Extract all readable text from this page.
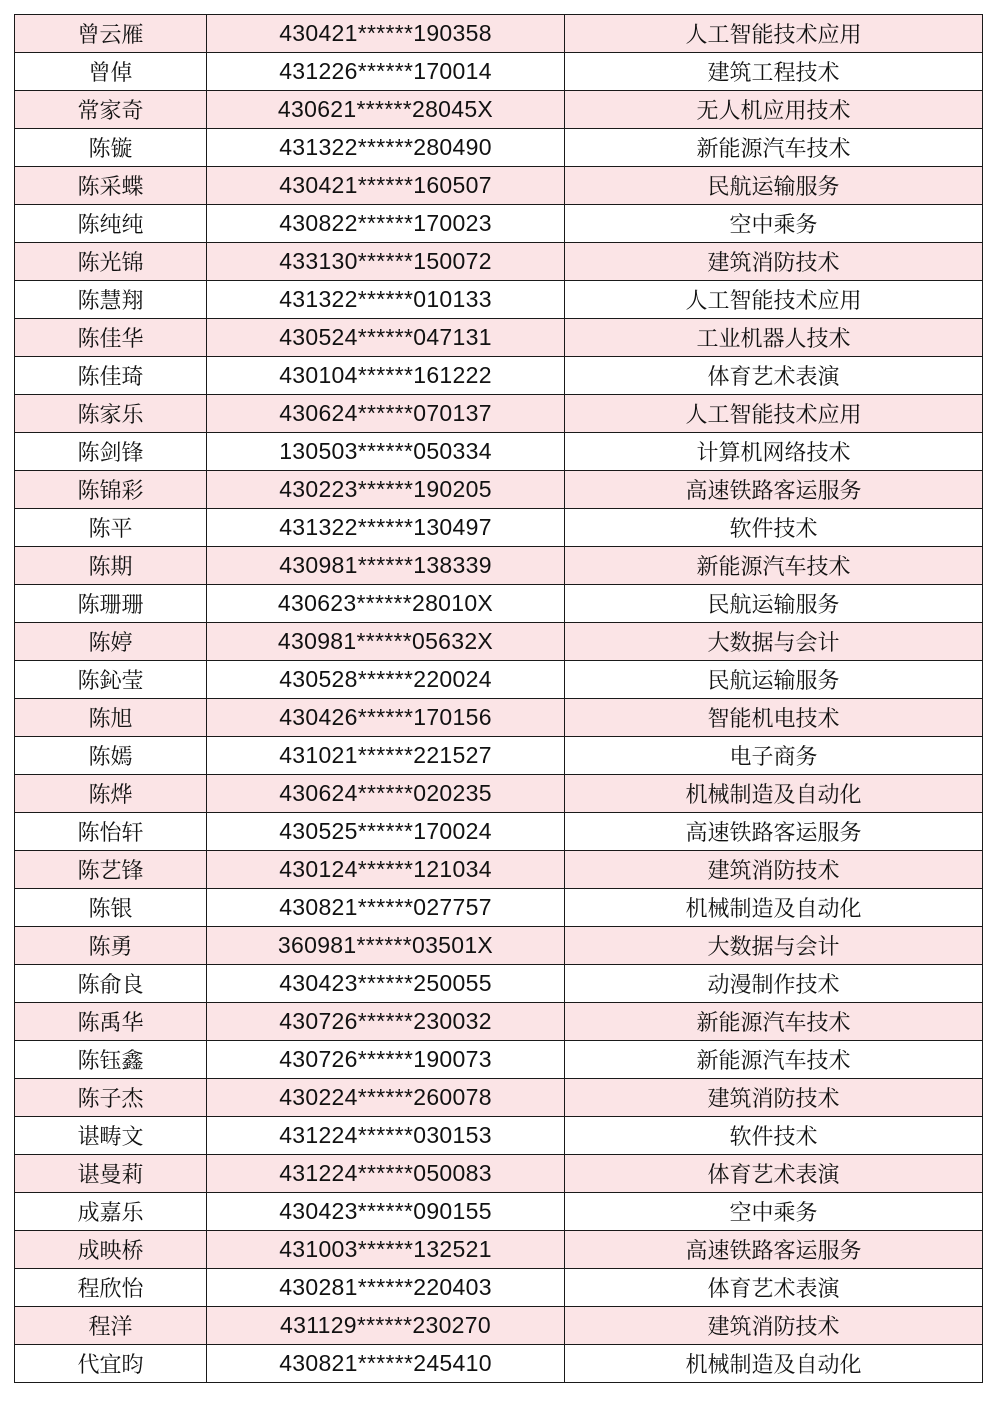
曾云雁	430421******190358	人工智能技术应用
曾倬	431226******170014	建筑工程技术
常家奇	430621******28045X	无人机应用技术
陈镟	431322******280490	新能源汽车技术
陈采蝶	430421******160507	民航运输服务
陈纯纯	430822******170023	空中乘务
陈光锦	433130******150072	建筑消防技术
陈慧翔	431322******010133	人工智能技术应用
陈佳华	430524******047131	工业机器人技术
陈佳琦	430104******161222	体育艺术表演
陈家乐	430624******070137	人工智能技术应用
陈剑锋	130503******050334	计算机网络技术
陈锦彩	430223******190205	高速铁路客运服务
陈平	431322******130497	软件技术
陈期	430981******138339	新能源汽车技术
陈珊珊	430623******28010X	民航运输服务
陈婷	430981******05632X	大数据与会计
陈鈊莹	430528******220024	民航运输服务
陈旭	430426******170156	智能机电技术
陈嫣	431021******221527	电子商务
陈烨	430624******020235	机械制造及自动化
陈怡轩	430525******170024	高速铁路客运服务
陈艺锋	430124******121034	建筑消防技术
陈银	430821******027757	机械制造及自动化
陈勇	360981******03501X	大数据与会计
陈俞良	430423******250055	动漫制作技术
陈禹华	430726******230032	新能源汽车技术
陈钰鑫	430726******190073	新能源汽车技术
陈子杰	430224******260078	建筑消防技术
谌畴文	431224******030153	软件技术
谌曼莉	431224******050083	体育艺术表演
成嘉乐	430423******090155	空中乘务
成映桥	431003******132521	高速铁路客运服务
程欣怡	430281******220403	体育艺术表演
程洋	431129******230270	建筑消防技术
代宜昀	430821******245410	机械制造及自动化
